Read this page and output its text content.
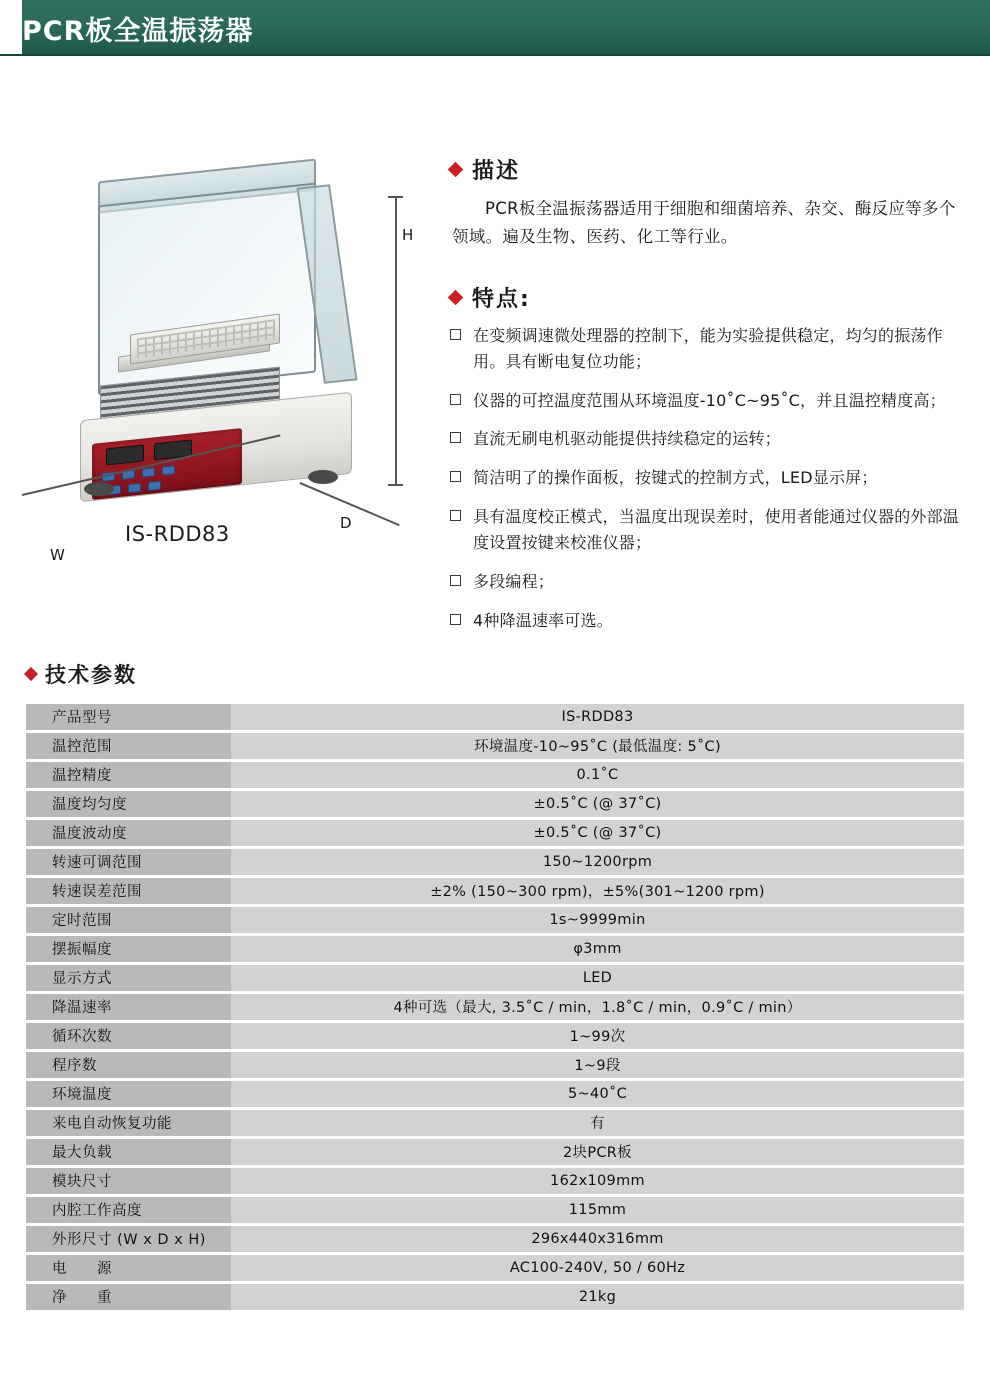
PCR板全温振荡器
H
D
W
IS-RDD83
描述

PCR板全温振荡器适用于细胞和细菌培养、杂交、酶反应等多个领域。遍及生物、医药、化工等行业。

特点:
在变频调速微处理器的控制下，能为实验提供稳定，均匀的振荡作用。具有断电复位功能；
仪器的可控温度范围从环境温度-10˚C~95˚C，并且温控精度高；
直流无刷电机驱动能提供持续稳定的运转；
简洁明了的操作面板，按键式的控制方式，LED显示屏；
具有温度校正模式，当温度出现误差时，使用者能通过仪器的外部温度设置按键来校准仪器；
多段编程；
4种降温速率可选。
技术参数
产品型号	IS-RDD83
温控范围	环境温度-10~95˚C (最低温度: 5˚C)
温控精度	0.1˚C
温度均匀度	±0.5˚C (@ 37˚C)
温度波动度	±0.5˚C (@ 37˚C)
转速可调范围	150~1200rpm
转速误差范围	±2% (150~300 rpm)，±5%(301~1200 rpm)
定时范围	1s~9999min
摆振幅度	φ3mm
显示方式	LED
降温速率	4种可选（最大, 3.5˚C / min，1.8˚C / min，0.9˚C / min）
循环次数	1~99次
程序数	1~9段
环境温度	5~40˚C
来电自动恢复功能	有
最大负载	2块PCR板
模块尺寸	162x109mm
内腔工作高度	115mm
外形尺寸 (W x D x H)	296x440x316mm
电　　源	AC100-240V, 50 / 60Hz
净　　重	21kg
